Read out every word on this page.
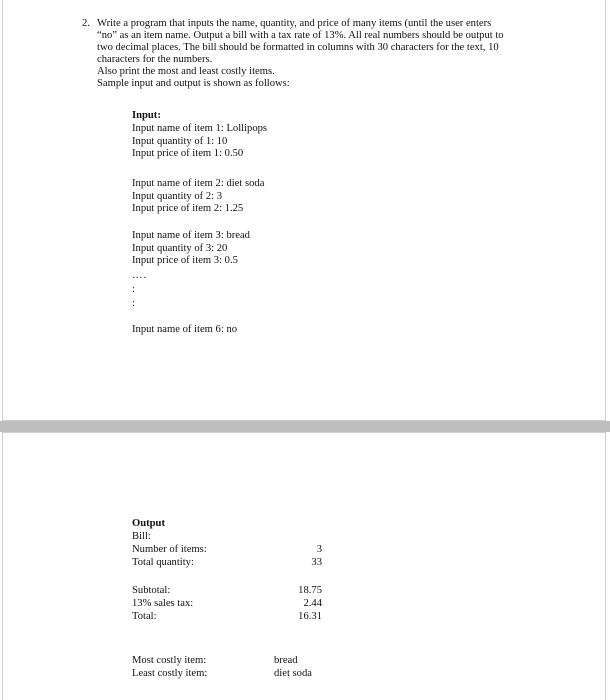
2. Write a program that inputs the name, quantity, and price of many items (until the user enters
“no” as an item name. Output a bill with a tax rate of 13%. All real numbers should be output to
two decimal places. The bill should be formatted in columns with 30 characters for the text, 10
characters for the numbers.
Also print the most and least costly items.
Sample input and output is shown as follows:
Input:
Input name of item 1: Lollipops
Input quantity of 1: 10
Input price of item 1: 0.50
Input name of item 2: diet soda
Input quantity of 2: 3
Input price of item 2: 1.25
Input name of item 3: bread
Input quantity of 3: 20
Input price of item 3: 0.5
….
:
:
Input name of item 6: no
Output
Bill:
Number of items:	3
Total quantity:	33
Subtotal:	18.75
13% sales tax:	2.44
Total:	16.31
Most costly item:	bread
Least costly item:	diet soda
